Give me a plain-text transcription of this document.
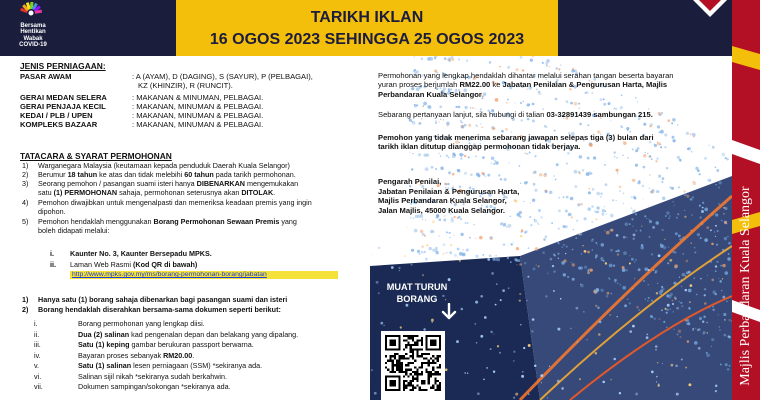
Bersama
Hentikan
Wabak
COVID-19
TARIKH IKLAN
16 OGOS 2023 SEHINGGA 25 OGOS 2023
Majlis Perbandaran Kuala Selangor
JENIS PERNIAGAAN:
PASAR AWAM	: A (AYAM), D (DAGING), S (SAYUR), P (PELBAGAI),
KZ (KHINZIR), R (RUNCIT).
GERAI MEDAN SELERA	: MAKANAN & MINUMAN, PELBAGAI.
GERAI PENJAJA KECIL	: MAKANAN, MINUMAN & PELBAGAI.
KEDAI / PLB / UPEN	: MAKANAN, MINUMAN & PELBAGAI.
KOMPLEKS BAZAAR	: MAKANAN, MINUMAN & PELBAGAI.
TATACARA & SYARAT PERMOHONAN
1)	Warganegara Malaysia (keutamaan kepada penduduk Daerah Kuala Selangor)
2)	Berumur 18 tahun ke atas dan tidak melebihi 60 tahun pada tarikh permohonan.
3)	Seorang pemohon / pasangan suami isteri hanya DIBENARKAN mengemukakan
satu (1) PERMOHONAN sahaja, permohonan seterusnya akan DITOLAK.
4)	Pemohon diwajibkan untuk mengenalpasti dan memeriksa keadaan premis yang ingin
dipohon.
5)	Pemohon hendaklah menggunakan Borang Permohonan Sewaan Premis yang
boleh didapati melalui:
i.	Kaunter No. 3, Kaunter Bersepadu MPKS.
ii.	Laman Web Rasmi (Kod QR di bawah)
http://www.mpks.gov.my/ms/borang-permohonan-borang/jabatan
1)	Hanya satu (1) borang sahaja dibenarkan bagi pasangan suami dan isteri
2)	Borang hendaklah diserahkan bersama-sama dokumen seperti berikut:
i.	Borang permohonan yang lengkap diisi.
ii.	Dua (2) salinan kad pengenalan depan dan belakang yang dipalang.
iii.	Satu (1) keping gambar berukuran passport berwarna.
iv.	Bayaran proses sebanyak RM20.00.
v.	Satu (1) salinan lesen perniagaan (SSM) *sekiranya ada.
vi.	Salinan sijil nikah *sekiranya sudah berkahwin.
vii.	Dokumen sampingan/sokongan *sekiranya ada.
Permohonan yang lengkap hendaklah dihantar melalui serahan tangan beserta bayaran
yuran proses berjumlah RM22.00 ke Jabatan Penilaian & Pengurusan Harta, Majlis
Perbandaran Kuala Selangor.
Sebarang pertanyaan lanjut, sila hubungi di talian 03-32891439 sambungan 215.
Pemohon yang tidak menerima sebarang jawapan selepas tiga (3) bulan dari
tarikh iklan ditutup dianggap permohonan tidak berjaya.
Pengarah Penilai,
Jabatan Penilaian & Pengurusan Harta,
Majlis Perbandaran Kuala Selangor,
Jalan Majlis, 45000 Kuala Selangor.
MUAT TURUN
BORANG
